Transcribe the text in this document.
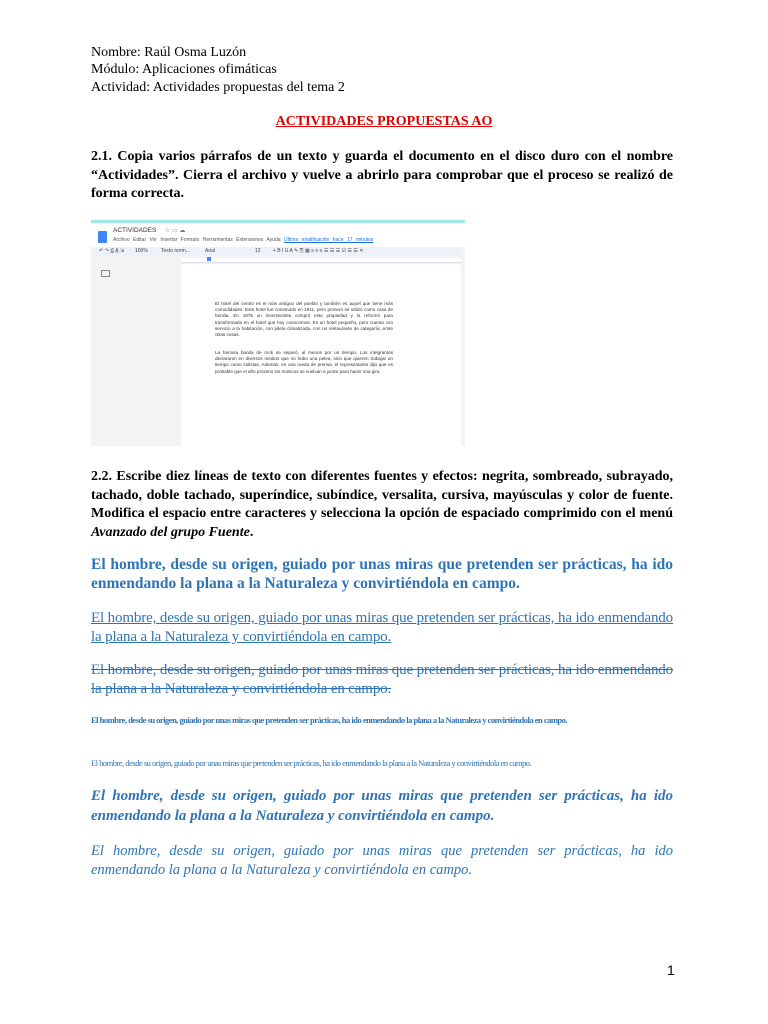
Nombre: Raúl Osma Luzón
Módulo: Aplicaciones ofimáticas
Actividad: Actividades propuestas del tema 2
ACTIVIDADES PROPUESTAS AO
2.1. Copia varios párrafos de un texto y guarda el documento en el disco duro con el nombre “Actividades”. Cierra el archivo y vuelve a abrirlo para comprobar que el proceso se realizó de forma correcta.
ACTIVIDADES ☆ ▭ ☁
Archivo Editar Ver Insertar Formato Herramientas Extensiones Ayuda Última modificación hace 17 minutos
↶ ↷ ⎙ A̲ ⇲ 100%	Texto norm...	Arial	12 + B I U A ✎ ⎘ ▦ ≡ ≡ ≡ ☰ ☰ ☰ ☑ ☰ ☰ ✕
El hotel del centro es el más antiguo del pueblo y también es aquel que tiene más comodidades. Este hotel fue construido en 1911, pero primero se utilizó como casa de familia. En 1975 un inversionista compró esta propiedad y la reformó para transformarla en el hotel que hoy conocemos. Es un hotel pequeño, pero cuenta con servicio a la habitación, con pileta climatizada, con un restaurante de categoría, entre otras cosas.
La famosa banda de rock se separó, al menos por un tiempo. Los integrantes declararon en diversos medios que no hubo una pelea, sino que quieren trabajar un tiempo como solistas. Además, en una rueda de prensa, el representante dijo que es probable que el año próximo los músicos se vuelvan a juntar para hacer una gira.
2.2. Escribe diez líneas de texto con diferentes fuentes y efectos: negrita, sombreado, subrayado, tachado, doble tachado, superíndice, subíndice, versalita, cursiva, mayúsculas y color de fuente. Modifica el espacio entre caracteres y selecciona la opción de espaciado comprimido con el menú Avanzado del grupo Fuente.
El hombre, desde su origen, guiado por unas miras que pretenden ser prácticas, ha ido enmendando la plana a la Naturaleza y convirtiéndola en campo.
El hombre, desde su origen, guiado por unas miras que pretenden ser prácticas, ha ido enmendando la plana a la Naturaleza y convirtiéndola en campo.
El hombre, desde su origen, guiado por unas miras que pretenden ser prácticas, ha ido enmendando la plana a la Naturaleza y convirtiéndola en campo.
El hombre, desde su origen, guiado por unas miras que pretenden ser prácticas, ha ido enmendando la plana a la Naturaleza y convirtiéndola en campo.
El hombre, desde su origen, guiado por unas miras que pretenden ser prácticas, ha ido enmendando la plana a la Naturaleza y convirtiéndola en campo.
El hombre, desde su origen, guiado por unas miras que pretenden ser prácticas, ha ido enmendando la plana a la Naturaleza y convirtiéndola en campo.
El hombre, desde su origen, guiado por unas miras que pretenden ser prácticas, ha ido enmendando la plana a la Naturaleza y convirtiéndola en campo.
1
